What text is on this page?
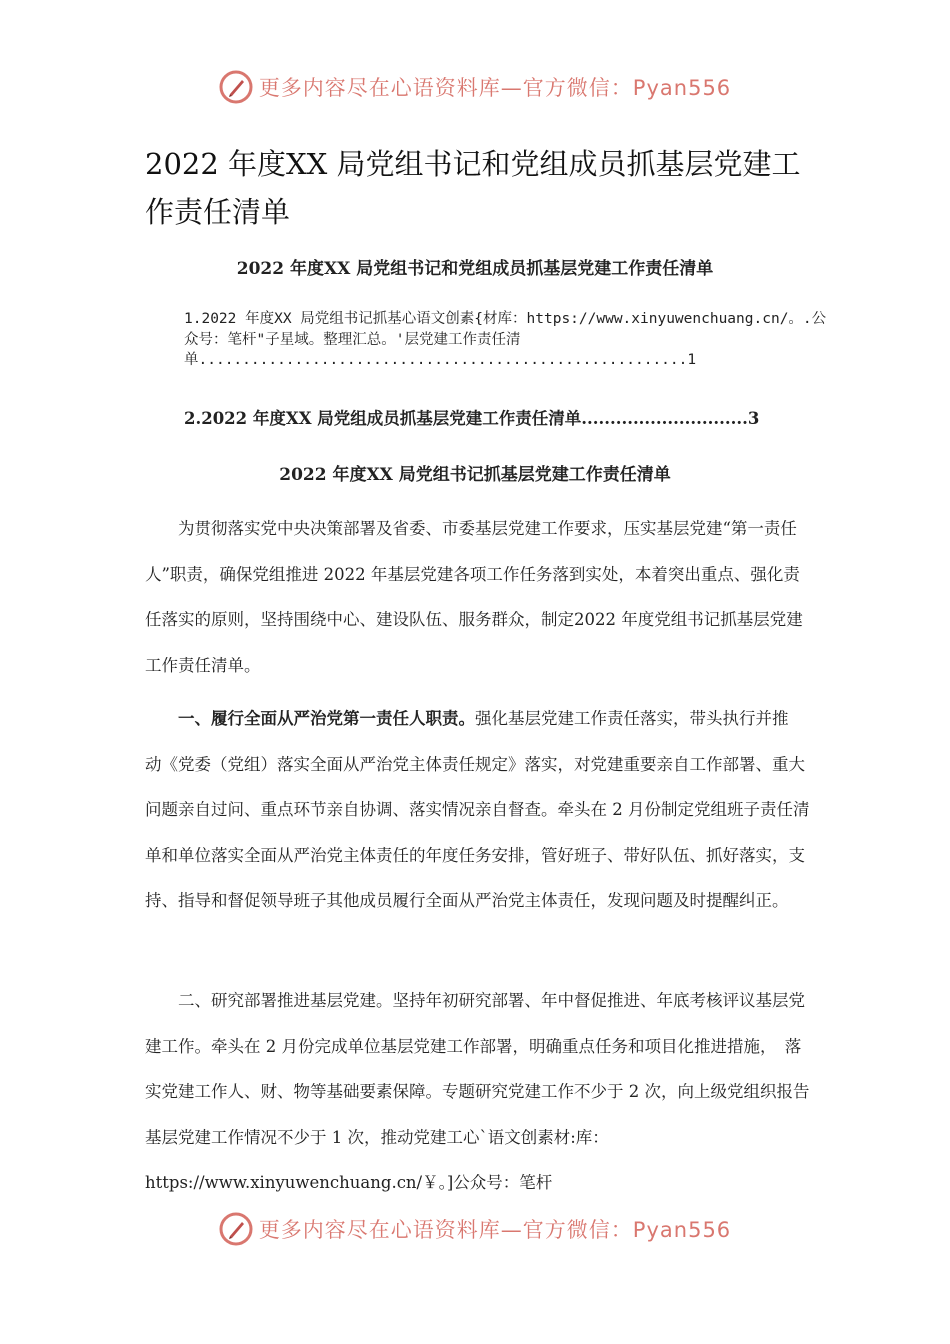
更多内容尽在心语资料库—官方微信：Pyan556
2022 年度XX 局党组书记和党组成员抓基层党建工作责任清单
2022 年度XX 局党组书记和党组成员抓基层党建工作责任清单
1.2022 年度XX 局党组书记抓基心语文创素{材库：https://www.xinyuwenchuang.cn/。.公众号：笔杆"子星域。整理汇总。'层党建工作责任清单........................................................1
2.2022 年度XX 局党组成员抓基层党建工作责任清单.............................3
2022 年度XX 局党组书记抓基层党建工作责任清单

为贯彻落实党中央决策部署及省委、市委基层党建工作要求，压实基层党建“第一责任人”职责，确保党组推进 2022 年基层党建各项工作任务落到实处，本着突出重点、强化责任落实的原则，坚持围绕中心、建设队伍、服务群众，制定2022 年度党组书记抓基层党建工作责任清单。

一、履行全面从严治党第一责任人职责。强化基层党建工作责任落实，带头执行并推　动《党委（党组）落实全面从严治党主体责任规定》落实，对党建重要亲自工作部署、重大问题亲自过问、重点环节亲自协调、落实情况亲自督查。牵头在 2 月份制定党组班子责任清单和单位落实全面从严治党主体责任的年度任务安排，管好班子、带好队伍、抓好落实，支持、指导和督促领导班子其他成员履行全面从严治党主体责任，发现问题及时提醒纠正。

二、研究部署推进基层党建。坚持年初研究部署、年中督促推进、年底考核评议基层党建工作。牵头在 2 月份完成单位基层党建工作部署，明确重点任务和项目化推进措施，　落实党建工作人、财、物等基础要素保障。专题研究党建工作不少于 2 次，向上级党组织报告基层党建工作情况不少于 1 次，推动党建工心`语文创素材:库：https://www.xinyuwenchuang.cn/￥。]公众号：笔杆

更多内容尽在心语资料库—官方微信：Pyan556
